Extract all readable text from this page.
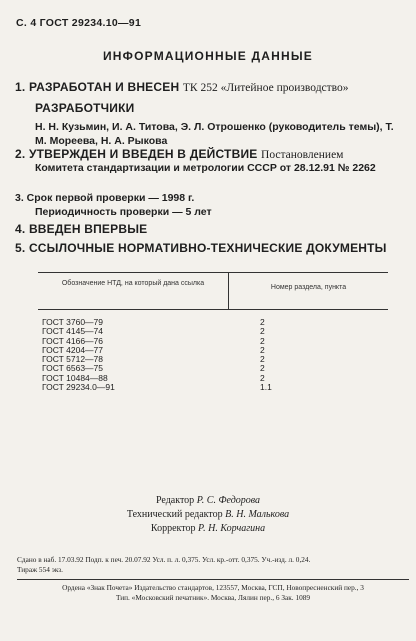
С. 4 ГОСТ 29234.10—91
ИНФОРМАЦИОННЫЕ ДАННЫЕ
1. РАЗРАБОТАН И ВНЕСЕН ТК 252 «Литейное производство»
РАЗРАБОТЧИКИ
Н. Н. Кузьмин, И. А. Титова, Э. Л. Отрошенко (руководитель темы), Т. М. Мореева, Н. А. Рыкова
2. УТВЕРЖДЕН И ВВЕДЕН В ДЕЙСТВИЕ Постановлением
Комитета стандартизации и метрологии СССР от 28.12.91 № 2262
3. Срок первой проверки — 1998 г.
Периодичность проверки — 5 лет
4. ВВЕДЕН ВПЕРВЫЕ
5. ССЫЛОЧНЫЕ НОРМАТИВНО-ТЕХНИЧЕСКИЕ ДОКУМЕНТЫ
Обозначение НТД, на который дана ссылка
Номер раздела, пункта
ГОСТ 3760—79	2
ГОСТ 4145—74	2
ГОСТ 4166—76	2
ГОСТ 4204—77	2
ГОСТ 5712—78	2
ГОСТ 6563—75	2
ГОСТ 10484—88	2
ГОСТ 29234.0—91	1.1
Редактор Р. С. Федорова
Технический редактор В. Н. Малькова
Корректор Р. Н. Корчагина
Сдано в наб. 17.03.92 Подп. к печ. 20.07.92 Усл. п. л. 0,375. Усл. кр.-отт. 0,375. Уч.-изд. л. 0,24.
Тираж 554 экз.
Ордена «Знак Почета» Издательство стандартов, 123557, Москва, ГСП, Новопресненский пер., 3
Тип. «Московский печатник». Москва, Лялин пер., 6 Зак. 1089
